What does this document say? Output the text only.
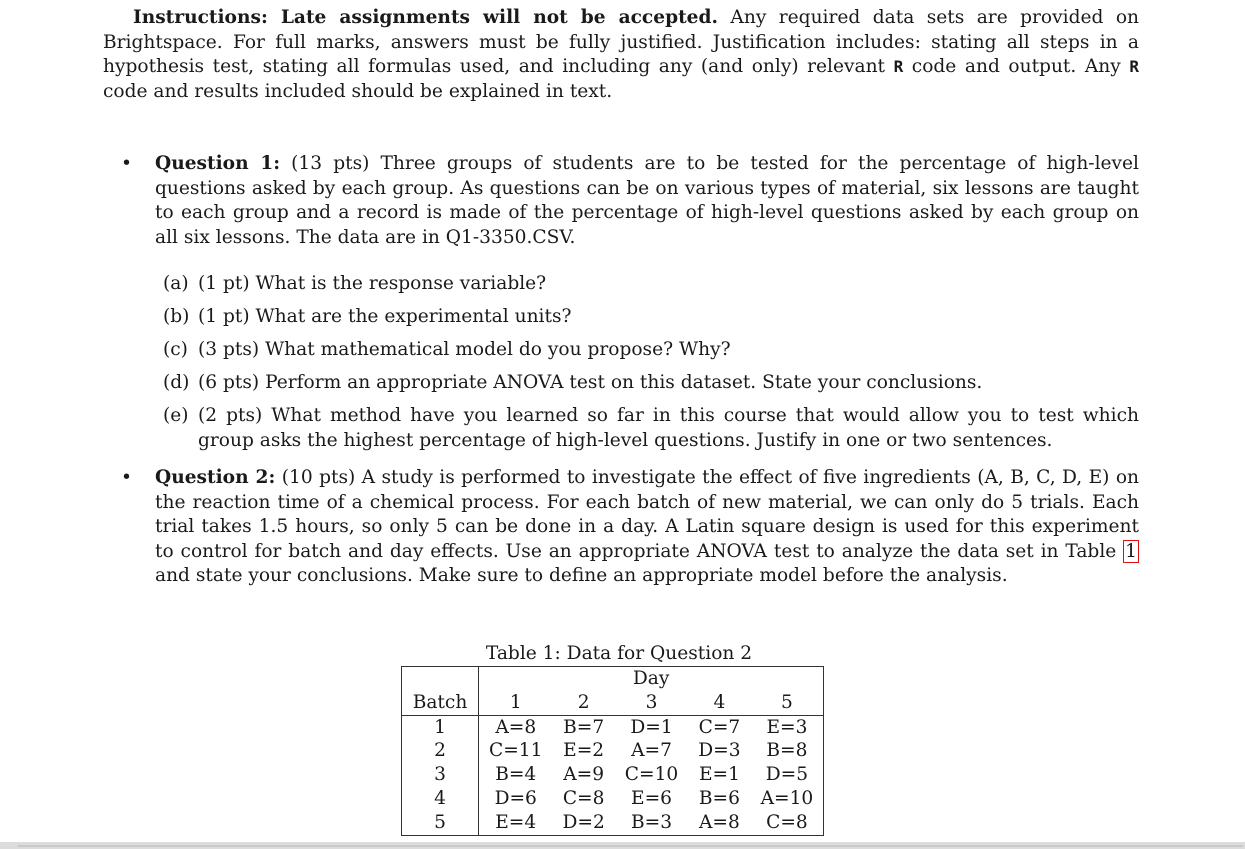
Instructions: Late assignments will not be accepted. Any required data sets are provided on Brightspace. For full marks, answers must be fully justified. Justification includes: stating all steps in a hypothesis test, stating all formulas used, and including any (and only) relevant R code and output. Any R code and results included should be explained in text.

•	Question 1: (13 pts) Three groups of students are to be tested for the percentage of high-level questions asked by each group. As questions can be on various types of material, six lessons are taught to each group and a record is made of the percentage of high-level questions asked by each group on all six lessons. The data are in Q1-3350.CSV.

(a) (1 pt) What is the response variable?

(b) (1 pt) What are the experimental units?

(c) (3 pts) What mathematical model do you propose? Why?

(d) (6 pts) Perform an appropriate ANOVA test on this dataset. State your conclusions.

(e) (2 pts) What method have you learned so far in this course that would allow you to test which group asks the highest percentage of high-level questions. Justify in one or two sentences.

•	Question 2: (10 pts) A study is performed to investigate the effect of five ingredients (A, B, C, D, E) on the reaction time of a chemical process. For each batch of new material, we can only do 5 trials. Each trial takes 1.5 hours, so only 5 can be done in a day. A Latin square design is used for this experiment to control for batch and day effects. Use an appropriate ANOVA test to analyze the data set in Table 1 and state your conclusions. Make sure to define an appropriate model before the analysis.

Table 1: Data for Question 2
	Day				
Batch	1	2	3	4	5
1	A=8	B=7	D=1	C=7	E=3
2	C=11	E=2	A=7	D=3	B=8
3	B=4	A=9	C=10	E=1	D=5
4	D=6	C=8	E=6	B=6	A=10
5	E=4	D=2	B=3	A=8	C=8
